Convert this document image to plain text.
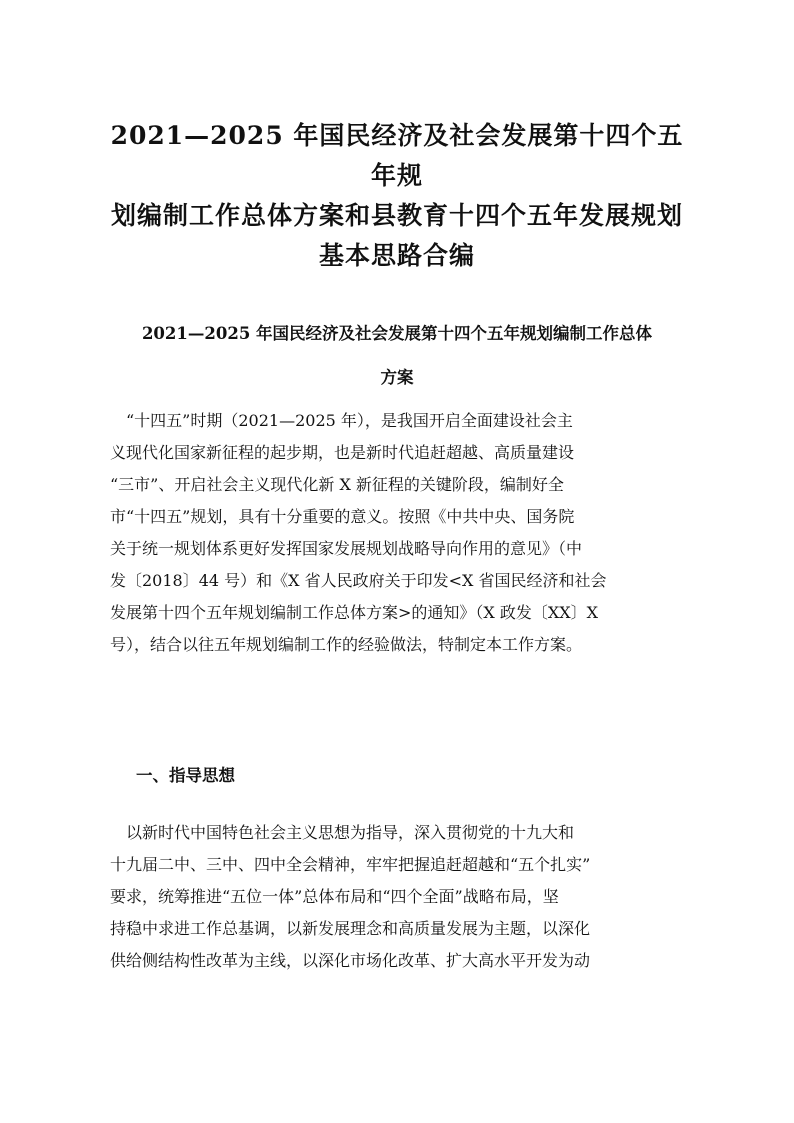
2021—2025 年国民经济及社会发展第十四个五年规
划编制工作总体方案和县教育十四个五年发展规划
基本思路合编
2021—2025 年国民经济及社会发展第十四个五年规划编制工作总体
方案
　“十四五”时期（2021—2025 年），是我国开启全面建设社会主
义现代化国家新征程的起步期，也是新时代追赶超越、高质量建设
“三市”、开启社会主义现代化新 X 新征程的关键阶段，编制好全
市“十四五”规划，具有十分重要的意义。按照《中共中央、国务院
关于统一规划体系更好发挥国家发展规划战略导向作用的意见》（中
发〔2018〕44 号）和《X 省人民政府关于印发<X 省国民经济和社会
发展第十四个五年规划编制工作总体方案>的通知》（X 政发〔XX〕X
号），结合以往五年规划编制工作的经验做法，特制定本工作方案。
一、指导思想
　以新时代中国特色社会主义思想为指导，深入贯彻党的十九大和
十九届二中、三中、四中全会精神，牢牢把握追赶超越和“五个扎实”
要求，统筹推进“五位一体”总体布局和“四个全面”战略布局，坚
持稳中求进工作总基调，以新发展理念和高质量发展为主题，以深化
供给侧结构性改革为主线，以深化市场化改革、扩大高水平开发为动
